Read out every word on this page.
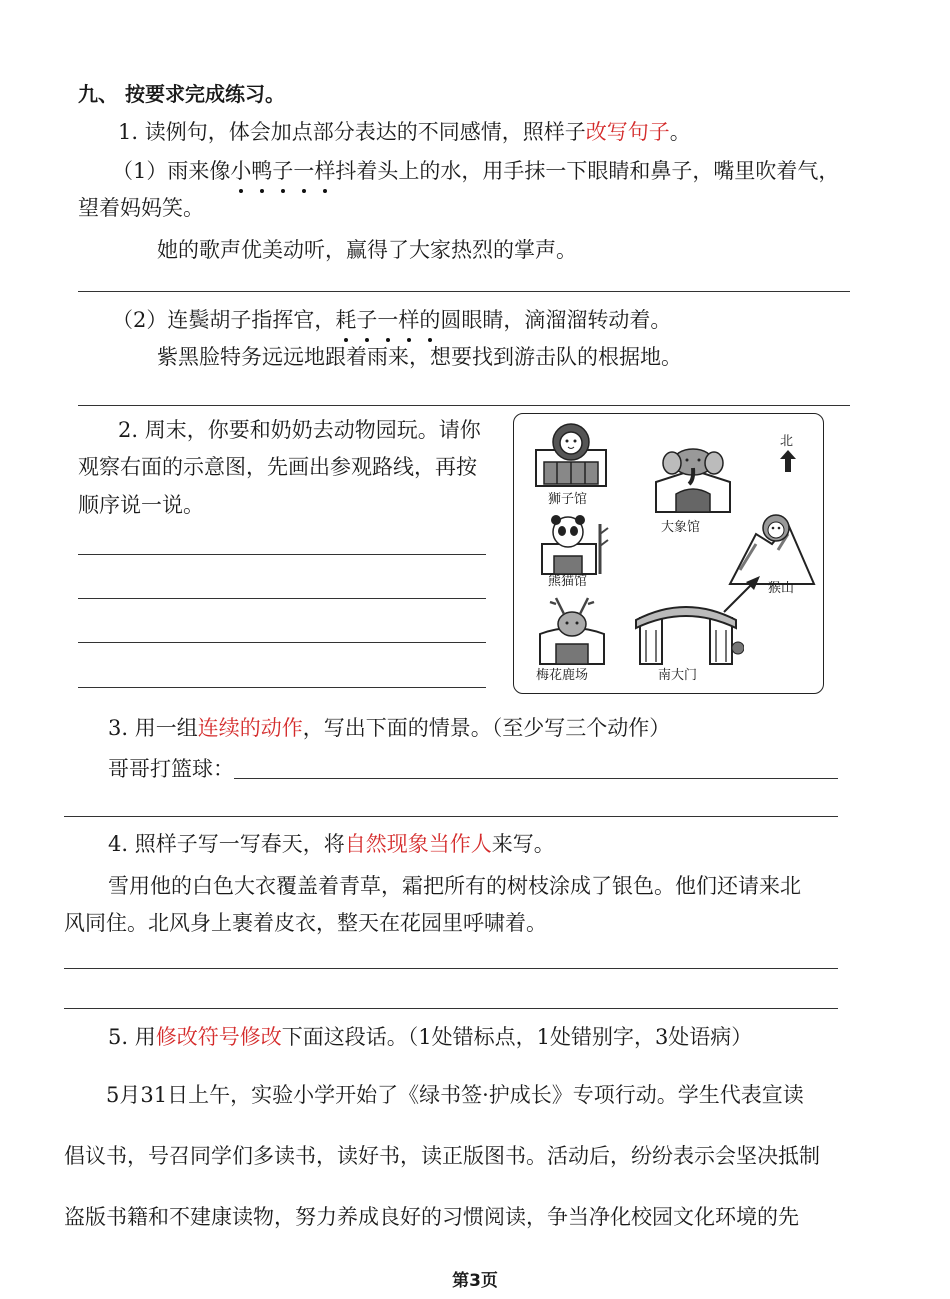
九、 按要求完成练习。
1. 读例句，体会加点部分表达的不同感情，照样子改写句子。
（1）雨来像小鸭子一样抖着头上的水，用手抹一下眼睛和鼻子，嘴里吹着气，
望着妈妈笑。
她的歌声优美动听，赢得了大家热烈的掌声。
（2）连鬓胡子指挥官，耗子一样的圆眼睛，滴溜溜转动着。
紫黑脸特务远远地跟着雨来，想要找到游击队的根据地。
2. 周末，你要和奶奶去动物园玩。请你
观察右面的示意图，先画出参观路线，再按
顺序说一说。
北
狮子馆
大象馆
熊猫馆	猴山
梅花鹿场	南大门
3. 用一组连续的动作，写出下面的情景。（至少写三个动作）
哥哥打篮球：
4. 照样子写一写春天，将自然现象当作人来写。
雪用他的白色大衣覆盖着青草，霜把所有的树枝涂成了银色。他们还请来北
风同住。北风身上裹着皮衣，整天在花园里呼啸着。
5. 用修改符号修改下面这段话。（1处错标点，1处错别字，3处语病）
5月31日上午，实验小学开始了《绿书签·护成长》专项行动。学生代表宣读
倡议书，号召同学们多读书，读好书，读正版图书。活动后，纷纷表示会坚决抵制
盗版书籍和不建康读物，努力养成良好的习惯阅读，争当净化校园文化环境的先
第3页
